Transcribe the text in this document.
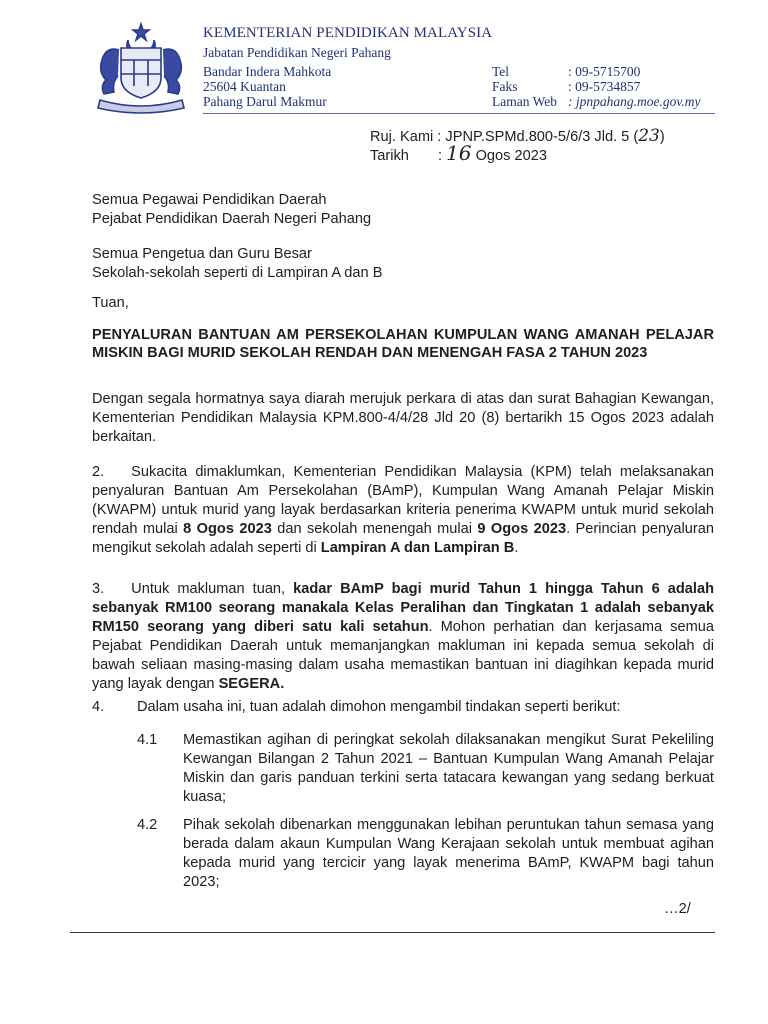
KEMENTERIAN PENDIDIKAN MALAYSIA
Jabatan Pendidikan Negeri Pahang
Bandar Indera Mahkota
25604 Kuantan
Pahang Darul Makmur
Tel	: 09-5715700
Faks	: 09-5734857
Laman Web : jpnpahang.moe.gov.my
Ruj. Kami : JPNP.SPMd.800-5/6/3 Jld. 5 (23)
Tarikh : 16 Ogos 2023
Semua Pegawai Pendidikan Daerah
Pejabat Pendidikan Daerah Negeri Pahang
Semua Pengetua dan Guru Besar
Sekolah-sekolah seperti di Lampiran A dan B
Tuan,
PENYALURAN BANTUAN AM PERSEKOLAHAN KUMPULAN WANG AMANAH PELAJAR MISKIN BAGI MURID SEKOLAH RENDAH DAN MENENGAH FASA 2 TAHUN 2023
Dengan segala hormatnya saya diarah merujuk perkara di atas dan surat Bahagian Kewangan, Kementerian Pendidikan Malaysia KPM.800-4/4/28 Jld 20 (8) bertarikh 15 Ogos 2023 adalah berkaitan.
2. Sukacita dimaklumkan, Kementerian Pendidikan Malaysia (KPM) telah melaksanakan penyaluran Bantuan Am Persekolahan (BAmP), Kumpulan Wang Amanah Pelajar Miskin (KWAPM) untuk murid yang layak berdasarkan kriteria penerima KWAPM untuk murid sekolah rendah mulai 8 Ogos 2023 dan sekolah menengah mulai 9 Ogos 2023. Perincian penyaluran mengikut sekolah adalah seperti di Lampiran A dan Lampiran B.
3. Untuk makluman tuan, kadar BAmP bagi murid Tahun 1 hingga Tahun 6 adalah sebanyak RM100 seorang manakala Kelas Peralihan dan Tingkatan 1 adalah sebanyak RM150 seorang yang diberi satu kali setahun. Mohon perhatian dan kerjasama semua Pejabat Pendidikan Daerah untuk memanjangkan makluman ini kepada semua sekolah di bawah seliaan masing-masing dalam usaha memastikan bantuan ini diagihkan kepada murid yang layak dengan SEGERA.
4. Dalam usaha ini, tuan adalah dimohon mengambil tindakan seperti berikut:
4.1 Memastikan agihan di peringkat sekolah dilaksanakan mengikut Surat Pekeliling Kewangan Bilangan 2 Tahun 2021 – Bantuan Kumpulan Wang Amanah Pelajar Miskin dan garis panduan terkini serta tatacara kewangan yang sedang berkuat kuasa;
4.2 Pihak sekolah dibenarkan menggunakan lebihan peruntukan tahun semasa yang berada dalam akaun Kumpulan Wang Kerajaan sekolah untuk membuat agihan kepada murid yang tercicir yang layak menerima BAmP, KWAPM bagi tahun 2023;
…2/
